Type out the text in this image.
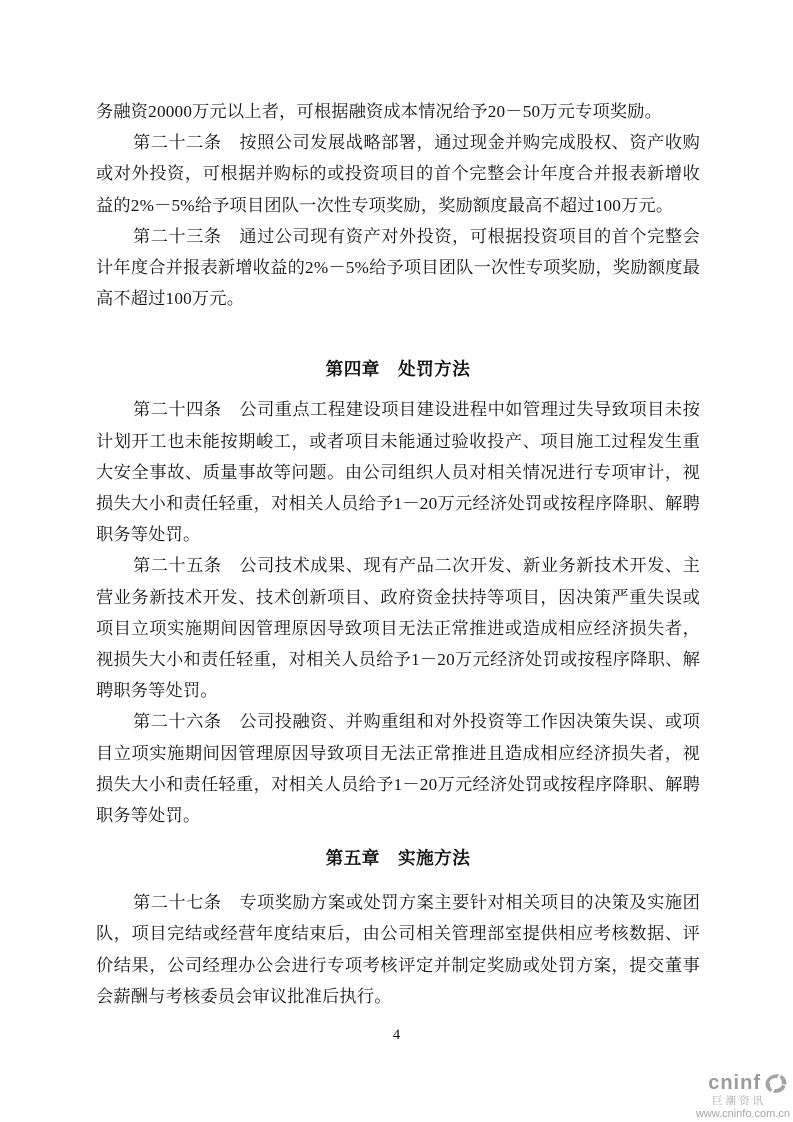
务融资20000万元以上者，可根据融资成本情况给予20－50万元专项奖励。

第二十二条　按照公司发展战略部署，通过现金并购完成股权、资产收购或对外投资，可根据并购标的或投资项目的首个完整会计年度合并报表新增收益的2%－5%给予项目团队一次性专项奖励，奖励额度最高不超过100万元。

第二十三条　通过公司现有资产对外投资，可根据投资项目的首个完整会计年度合并报表新增收益的2%－5%给予项目团队一次性专项奖励，奖励额度最高不超过100万元。

第四章　处罚方法

第二十四条　公司重点工程建设项目建设进程中如管理过失导致项目未按计划开工也未能按期峻工，或者项目未能通过验收投产、项目施工过程发生重大安全事故、质量事故等问题。由公司组织人员对相关情况进行专项审计，视损失大小和责任轻重，对相关人员给予1－20万元经济处罚或按程序降职、解聘职务等处罚。

第二十五条　公司技术成果、现有产品二次开发、新业务新技术开发、主营业务新技术开发、技术创新项目、政府资金扶持等项目，因决策严重失误或项目立项实施期间因管理原因导致项目无法正常推进或造成相应经济损失者，视损失大小和责任轻重，对相关人员给予1－20万元经济处罚或按程序降职、解聘职务等处罚。

第二十六条　公司投融资、并购重组和对外投资等工作因决策失误、或项目立项实施期间因管理原因导致项目无法正常推进且造成相应经济损失者，视损失大小和责任轻重，对相关人员给予1－20万元经济处罚或按程序降职、解聘职务等处罚。

第五章　实施方法

第二十七条　专项奖励方案或处罚方案主要针对相关项目的决策及实施团队，项目完结或经营年度结束后，由公司相关管理部室提供相应考核数据、评价结果，公司经理办公会进行专项考核评定并制定奖励或处罚方案，提交董事会薪酬与考核委员会审议批准后执行。

4
cninf
巨潮资讯
www.cninfo.com.cn
